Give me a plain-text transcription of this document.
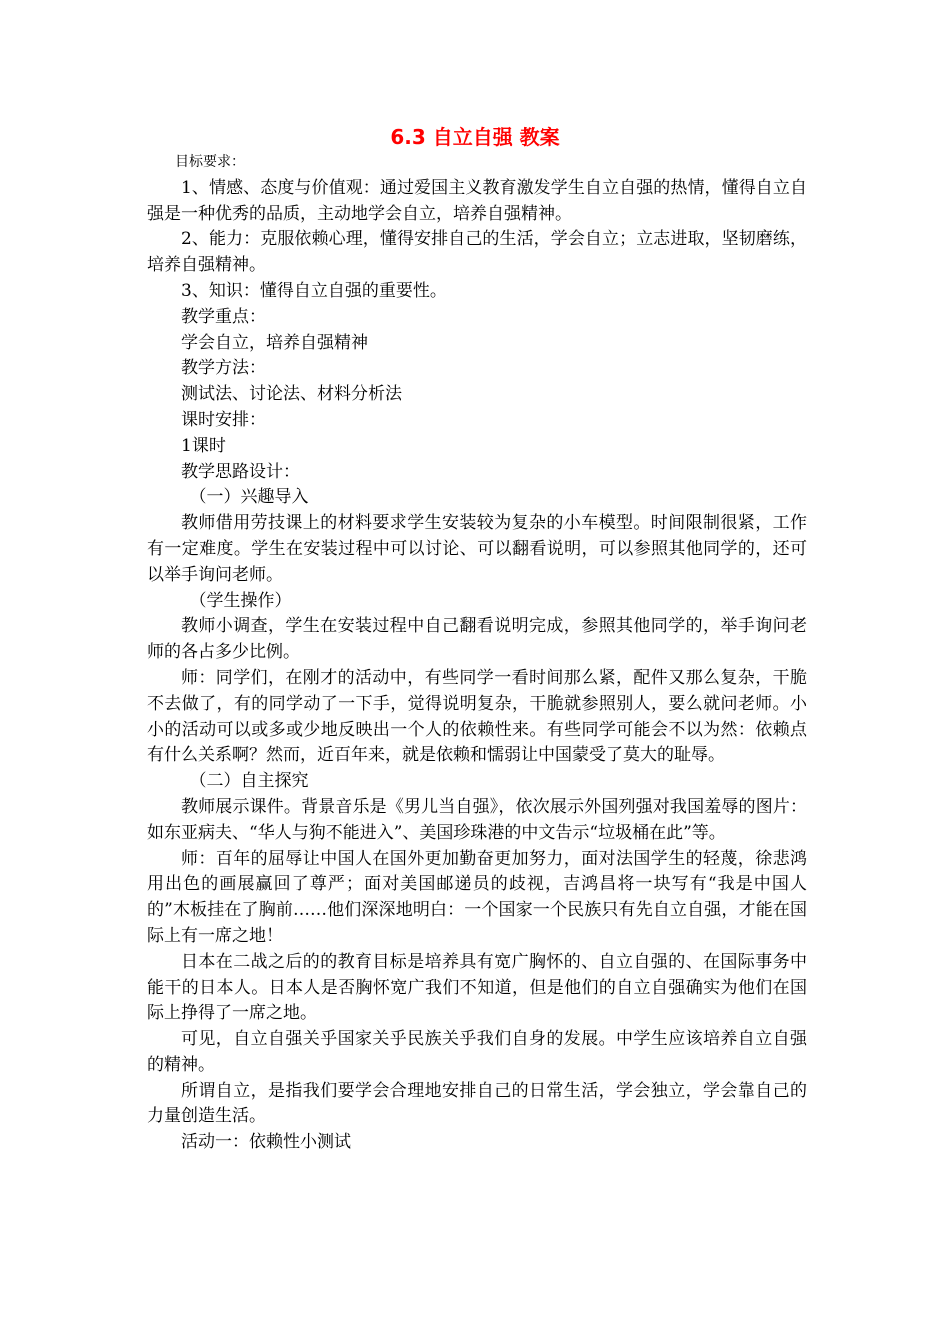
6.3 自立自强 教案

目标要求：

1、情感、态度与价值观：通过爱国主义教育激发学生自立自强的热情，懂得自立自强是一种优秀的品质，主动地学会自立，培养自强精神。

2、能力：克服依赖心理，懂得安排自己的生活，学会自立；立志进取，坚韧磨练，培养自强精神。

3、知识：懂得自立自强的重要性。

教学重点：

学会自立，培养自强精神

教学方法：

测试法、讨论法、材料分析法

课时安排：

1课时

教学思路设计：

（一）兴趣导入

教师借用劳技课上的材料要求学生安装较为复杂的小车模型。时间限制很紧，工作有一定难度。学生在安装过程中可以讨论、可以翻看说明，可以参照其他同学的，还可以举手询问老师。

（学生操作）

教师小调查，学生在安装过程中自己翻看说明完成，参照其他同学的，举手询问老师的各占多少比例。

师：同学们，在刚才的活动中，有些同学一看时间那么紧，配件又那么复杂，干脆不去做了，有的同学动了一下手，觉得说明复杂，干脆就参照别人，要么就问老师。小小的活动可以或多或少地反映出一个人的依赖性来。有些同学可能会不以为然：依赖点有什么关系啊？然而，近百年来，就是依赖和懦弱让中国蒙受了莫大的耻辱。

（二）自主探究

教师展示课件。背景音乐是《男儿当自强》，依次展示外国列强对我国羞辱的图片：如东亚病夫、“华人与狗不能进入”、美国珍珠港的中文告示“垃圾桶在此”等。

师：百年的屈辱让中国人在国外更加勤奋更加努力，面对法国学生的轻蔑，徐悲鸿用出色的画展赢回了尊严；面对美国邮递员的歧视，吉鸿昌将一块写有“我是中国人的”木板挂在了胸前……他们深深地明白：一个国家一个民族只有先自立自强，才能在国际上有一席之地！

日本在二战之后的的教育目标是培养具有宽广胸怀的、自立自强的、在国际事务中能干的日本人。日本人是否胸怀宽广我们不知道，但是他们的自立自强确实为他们在国际上挣得了一席之地。

可见，自立自强关乎国家关乎民族关乎我们自身的发展。中学生应该培养自立自强的精神。

所谓自立，是指我们要学会合理地安排自己的日常生活，学会独立，学会靠自己的力量创造生活。

活动一：依赖性小测试
